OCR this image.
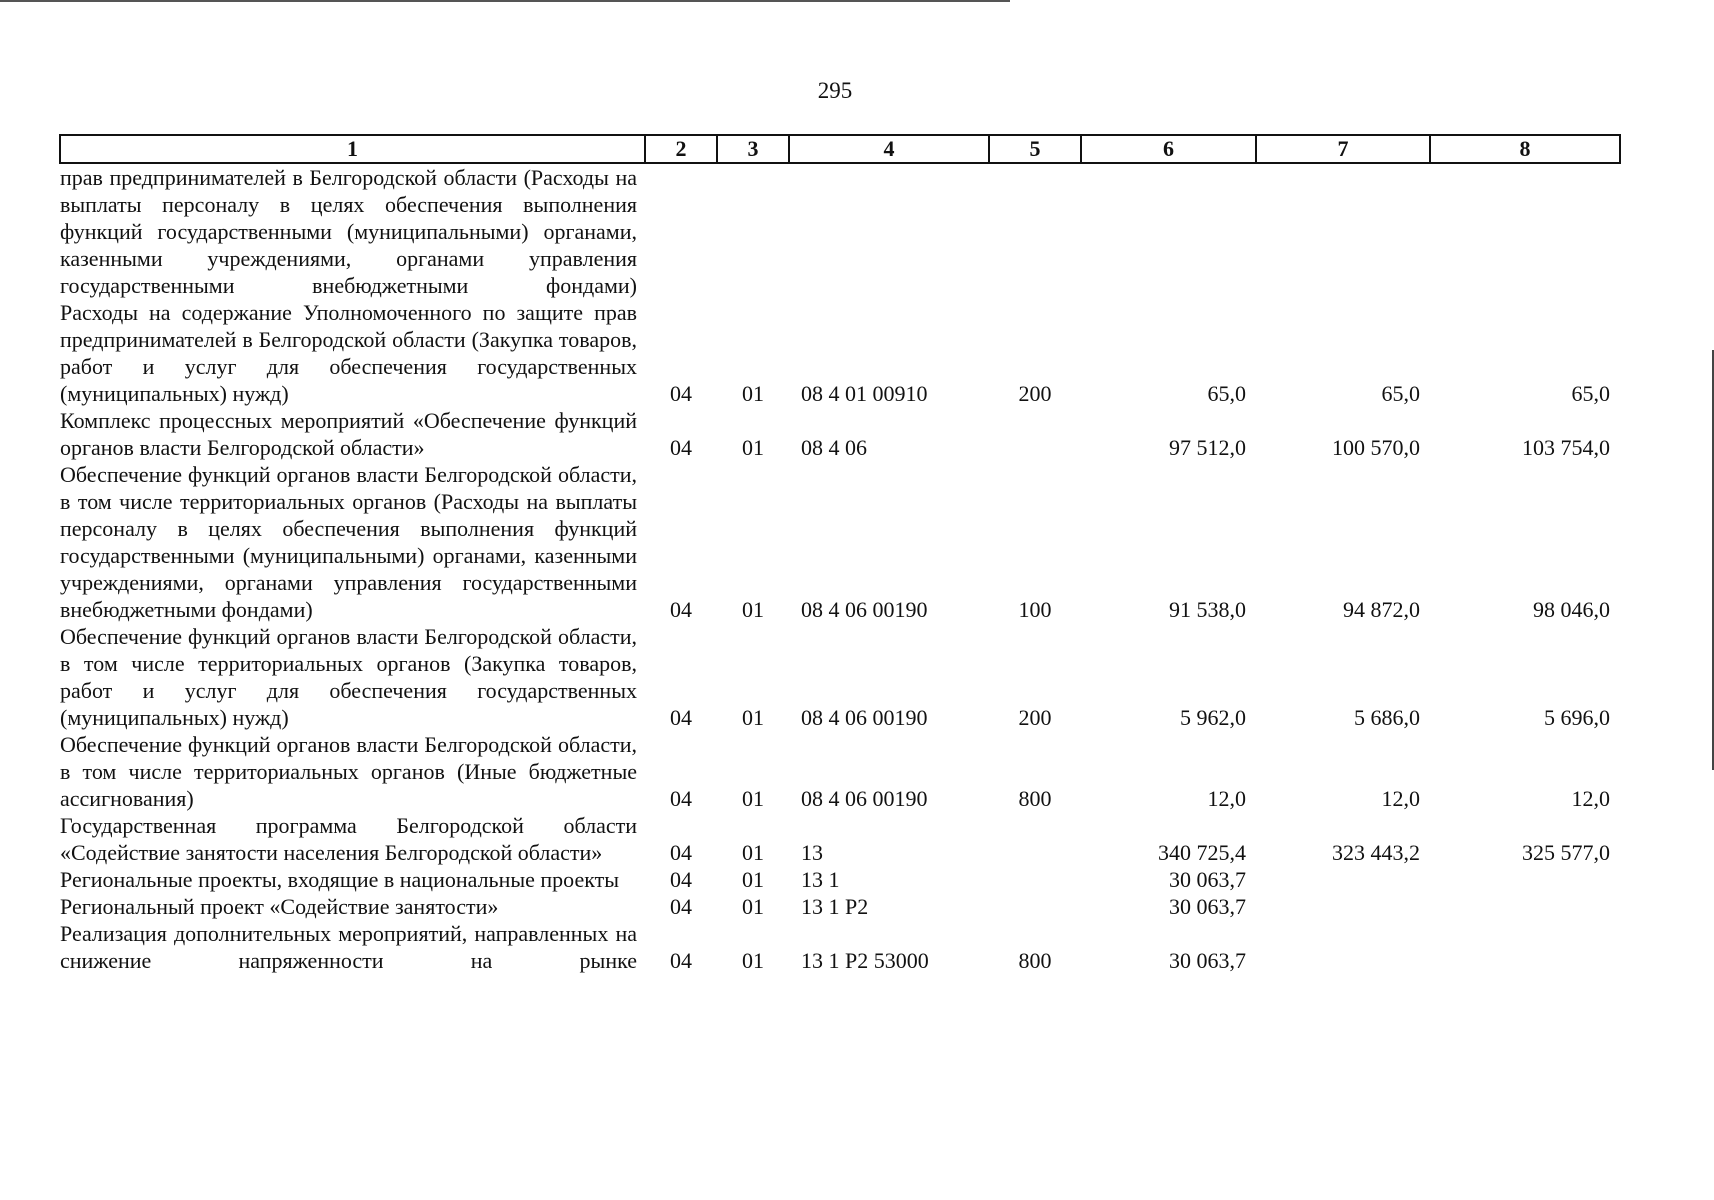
295
1	2	3	4	5	6	7	8
прав предпринимателей в Белгородской области (Расходы на выплаты персоналу в целях обеспечения выполнения функций государственными (муниципальными) органами, казенными учреждениями, органами управления государственными внебюджетными фондами)							
Расходы на содержание Уполномоченного по защите прав предпринимателей в Белгородской области (Закупка товаров, работ и услуг для обеспечения государственных (муниципальных) нужд)	04	01	08 4 01 00910	200	65,0	65,0	65,0
Комплекс процессных мероприятий «Обеспечение функций органов власти Белгородской области»	04	01	08 4 06		97 512,0	100 570,0	103 754,0
Обеспечение функций органов власти Белгородской области, в том числе территориальных органов (Расходы на выплаты персоналу в целях обеспечения выполнения функций государственными (муниципальными) органами, казенными учреждениями, органами управления государственными внебюджетными фондами)	04	01	08 4 06 00190	100	91 538,0	94 872,0	98 046,0
Обеспечение функций органов власти Белгородской области, в том числе территориальных органов (Закупка товаров, работ и услуг для обеспечения государственных (муниципальных) нужд)	04	01	08 4 06 00190	200	5 962,0	5 686,0	5 696,0
Обеспечение функций органов власти Белгородской области, в том числе территориальных органов (Иные бюджетные ассигнования)	04	01	08 4 06 00190	800	12,0	12,0	12,0
Государственная программа Белгородской области «Содействие занятости населения Белгородской области»	04	01	13		340 725,4	323 443,2	325 577,0
Региональные проекты, входящие в национальные проекты	04	01	13 1		30 063,7		
Региональный проект «Содействие занятости»	04	01	13 1 P2		30 063,7		
Реализация дополнительных мероприятий, направленных на снижение напряженности на рынке	04	01	13 1 P2 53000	800	30 063,7		
